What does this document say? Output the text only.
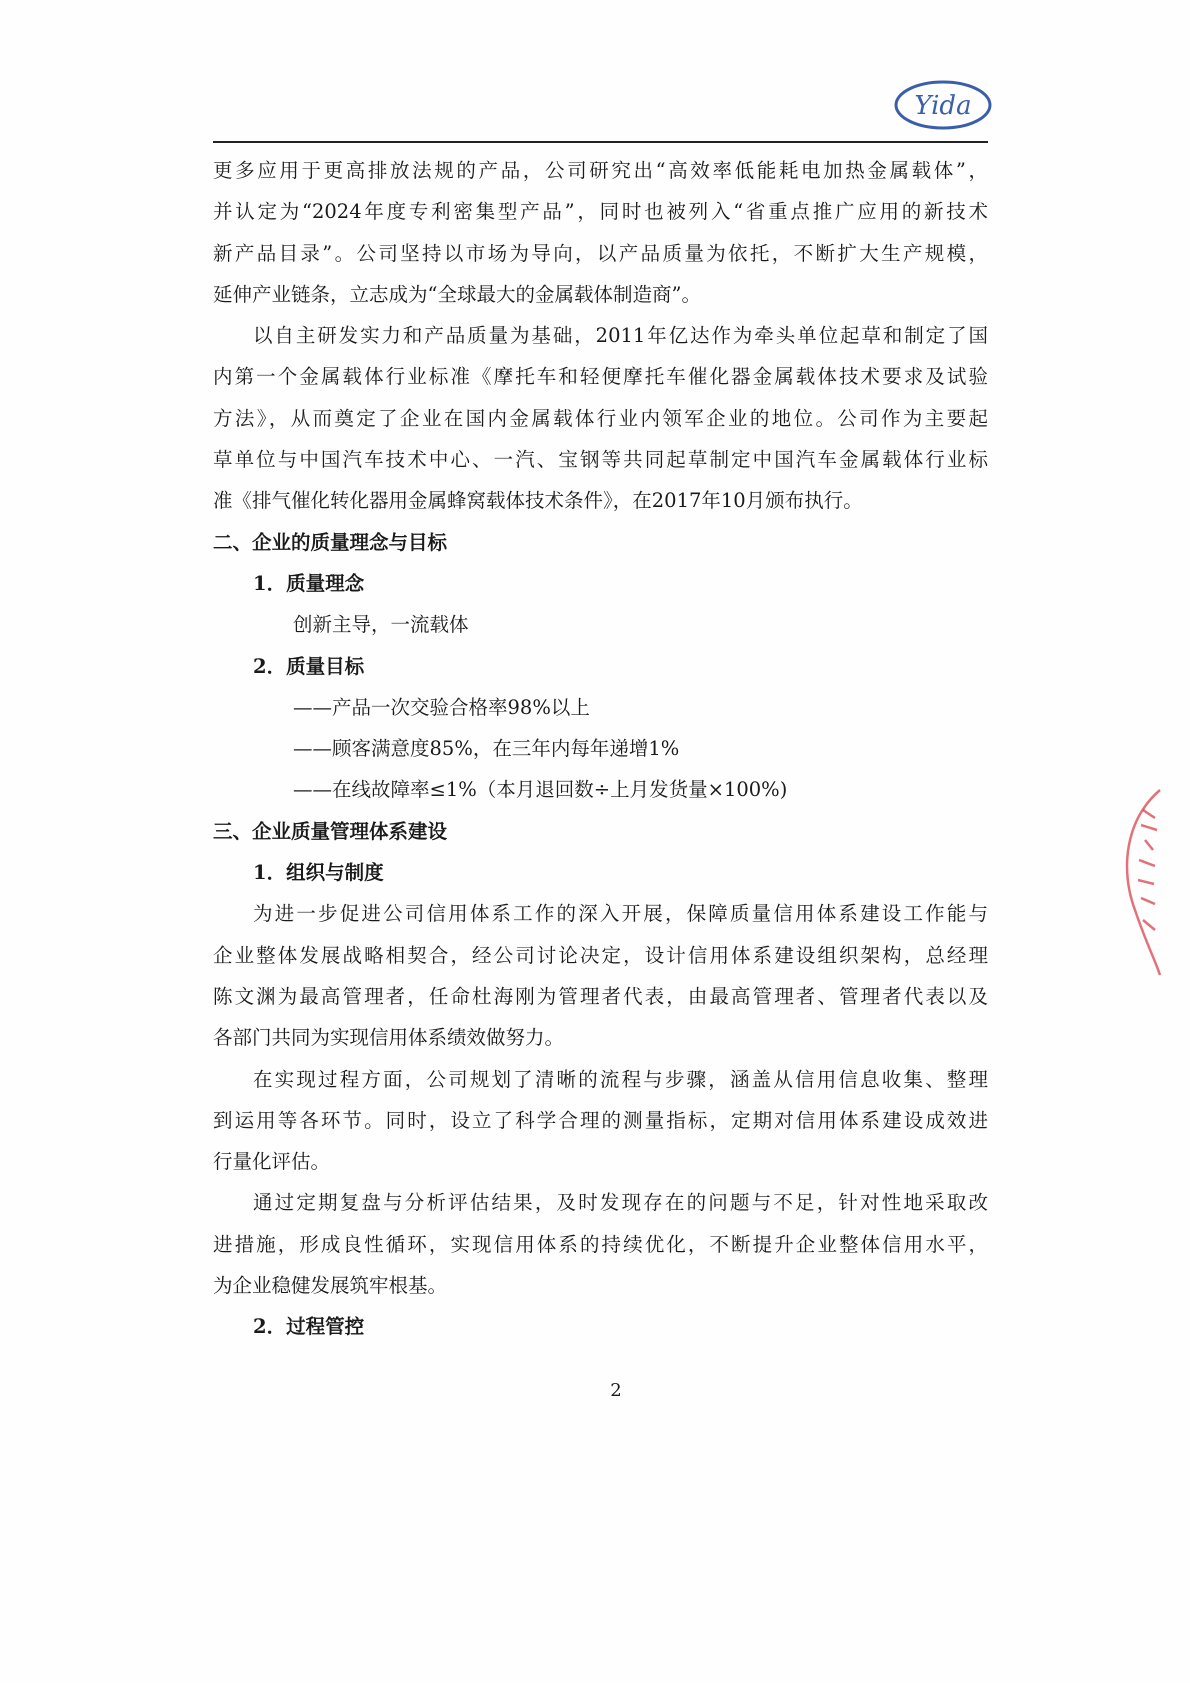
Yida
更多应用于更高排放法规的产品，公司研究出“高效率低能耗电加热金属载体”，
并认定为“2024年度专利密集型产品”，同时也被列入“省重点推广应用的新技术
新产品目录”。公司坚持以市场为导向，以产品质量为依托，不断扩大生产规模，
延伸产业链条，立志成为“全球最大的金属载体制造商”。
以自主研发实力和产品质量为基础，2011年亿达作为牵头单位起草和制定了国
内第一个金属载体行业标准《摩托车和轻便摩托车催化器金属载体技术要求及试验
方法》，从而奠定了企业在国内金属载体行业内领军企业的地位。公司作为主要起
草单位与中国汽车技术中心、一汽、宝钢等共同起草制定中国汽车金属载体行业标
准《排气催化转化器用金属蜂窝载体技术条件》，在2017年10月颁布执行。
二、企业的质量理念与目标
1．质量理念
创新主导，一流载体
2．质量目标
——产品一次交验合格率98%以上
——顾客满意度85%，在三年内每年递增1%
——在线故障率≤1%（本月退回数÷上月发货量×100%)
三、企业质量管理体系建设
1．组织与制度
为进一步促进公司信用体系工作的深入开展，保障质量信用体系建设工作能与
企业整体发展战略相契合，经公司讨论决定，设计信用体系建设组织架构，总经理
陈文渊为最高管理者，任命杜海刚为管理者代表，由最高管理者、管理者代表以及
各部门共同为实现信用体系绩效做努力。
在实现过程方面，公司规划了清晰的流程与步骤，涵盖从信用信息收集、整理
到运用等各环节。同时，设立了科学合理的测量指标，定期对信用体系建设成效进
行量化评估。
通过定期复盘与分析评估结果，及时发现存在的问题与不足，针对性地采取改
进措施，形成良性循环，实现信用体系的持续优化，不断提升企业整体信用水平，
为企业稳健发展筑牢根基。
2．过程管控
2
